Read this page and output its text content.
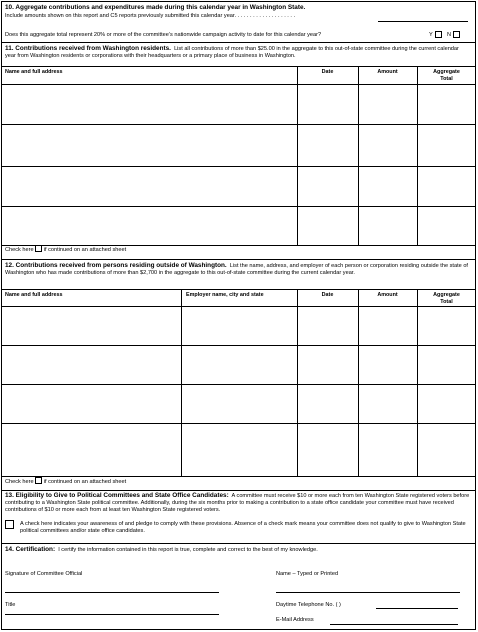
10. Aggregate contributions and expenditures made during this calendar year in Washington State.
Include amounts shown on this report and C5 reports previously submitted this calendar year. . . . . . . . . . . . . . . . . . . .
Does this aggregate total represent 20% or more of the committee’s nationwide campaign activity to date for this calendar year?	Y	N
11. Contributions received from Washington residents. List all contributions of more than $25.00 in the aggregate to this out-of-state committee during the current calendar year from Washington residents or corporations with their headquarters or a primary place of business in Washington.
Name and full address	Date	Amount	Aggregate
Total
Check here if continued on an attached sheet
12. Contributions received from persons residing outside of Washington. List the name, address, and employer of each person or corporation residing outside the state of Washington who has made contributions of more than $2,700 in the aggregate to this out-of-state committee during the current calendar year.
Name and full address	Employer name, city and state	Date	Amount	Aggregate
Total
Check here if continued on an attached sheet
13. Eligibility to Give to Political Committees and State Office Candidates: A committee must receive $10 or more each from ten Washington State registered voters before contributing to a Washington State political committee. Additionally, during the six months prior to making a contribution to a state office candidate your committee must have received contributions of $10 or more each from at least ten Washington State registered voters.
A check here indicates your awareness of and pledge to comply with these provisions. Absence of a check mark means your committee does not qualify to give to Washington State political committees and/or state office candidates.
14. Certification: I certify the information contained in this report is true, complete and correct to the best of my knowledge.
Signature of Committee Official	Name – Typed or Printed
Title	Daytime Telephone No. ( )
E-Mail Address
